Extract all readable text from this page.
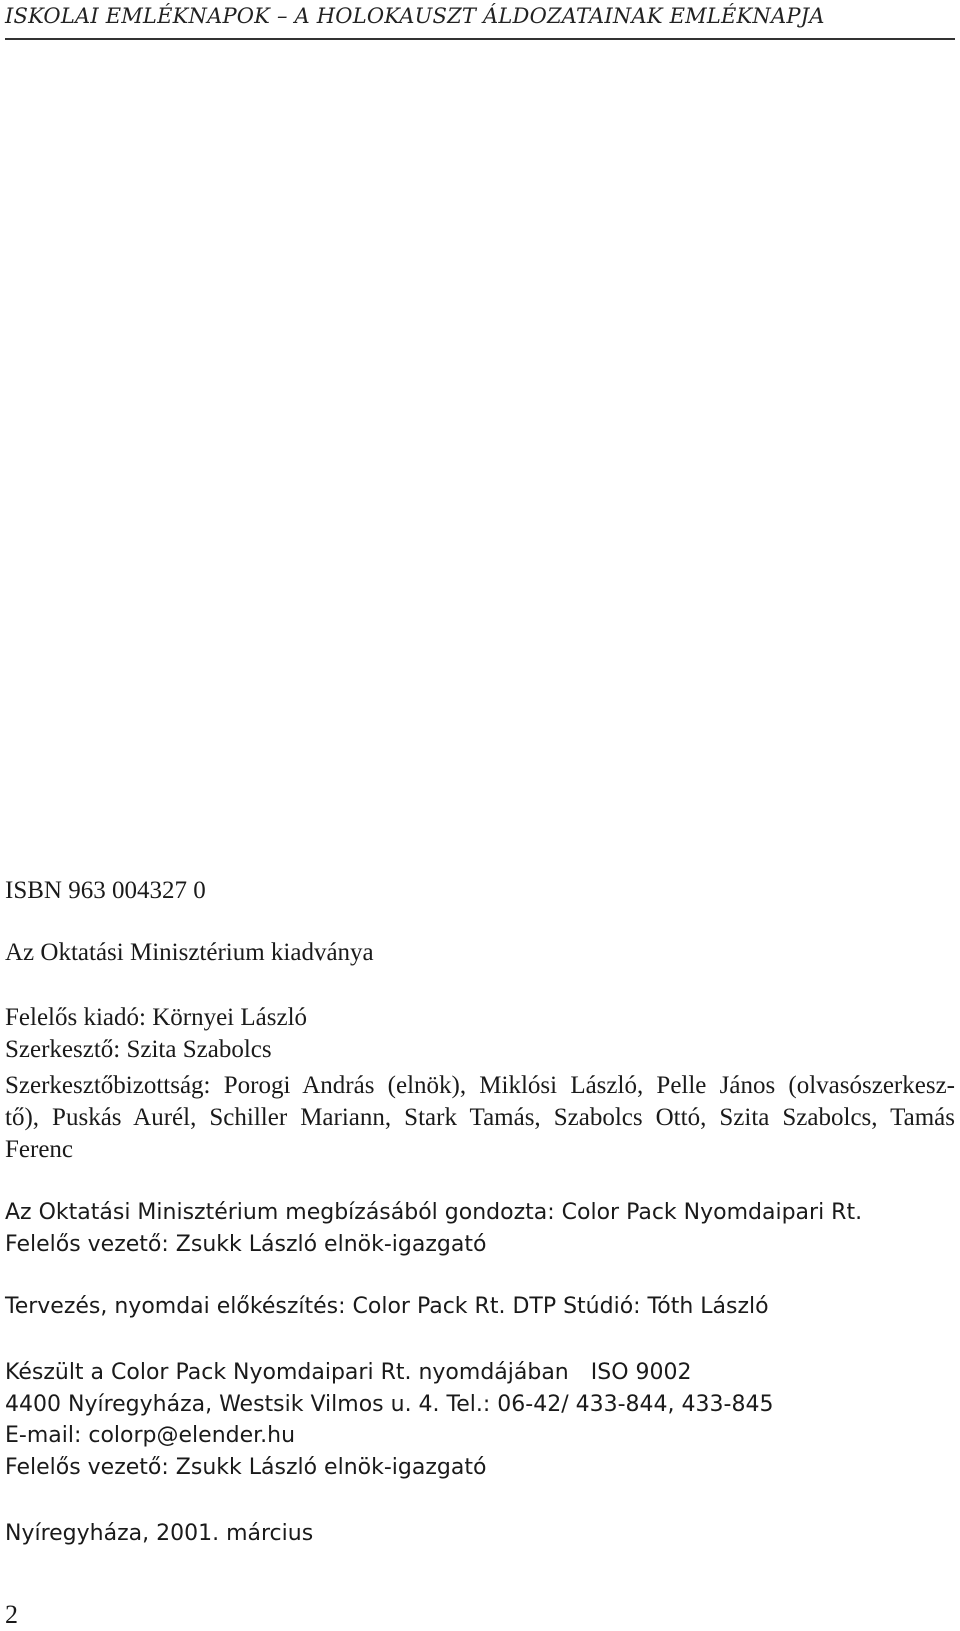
ISKOLAI EMLÉKNAPOK – A HOLOKAUSZT ÁLDOZATAINAK EMLÉKNAPJA
ISBN 963 004327 0
Az Oktatási Minisztérium kiadványa
Felelős kiadó: Környei László
Szerkesztő: Szita Szabolcs
Szerkesztőbizottság: Porogi András (elnök), Miklósi László, Pelle János (olvasószerkesz-
tő), Puskás Aurél, Schiller Mariann, Stark Tamás, Szabolcs Ottó, Szita Szabolcs, Tamás
Ferenc
Az Oktatási Minisztérium megbízásából gondozta: Color Pack Nyomdaipari Rt.
Felelős vezető: Zsukk László elnök-igazgató
Tervezés, nyomdai előkészítés: Color Pack Rt. DTP Stúdió: Tóth László
Készült a Color Pack Nyomdaipari Rt. nyomdájában ISO 9002
4400 Nyíregyháza, Westsik Vilmos u. 4. Tel.: 06-42/ 433-844, 433-845
E-mail: colorp@elender.hu
Felelős vezető: Zsukk László elnök-igazgató
Nyíregyháza, 2001. március
2
